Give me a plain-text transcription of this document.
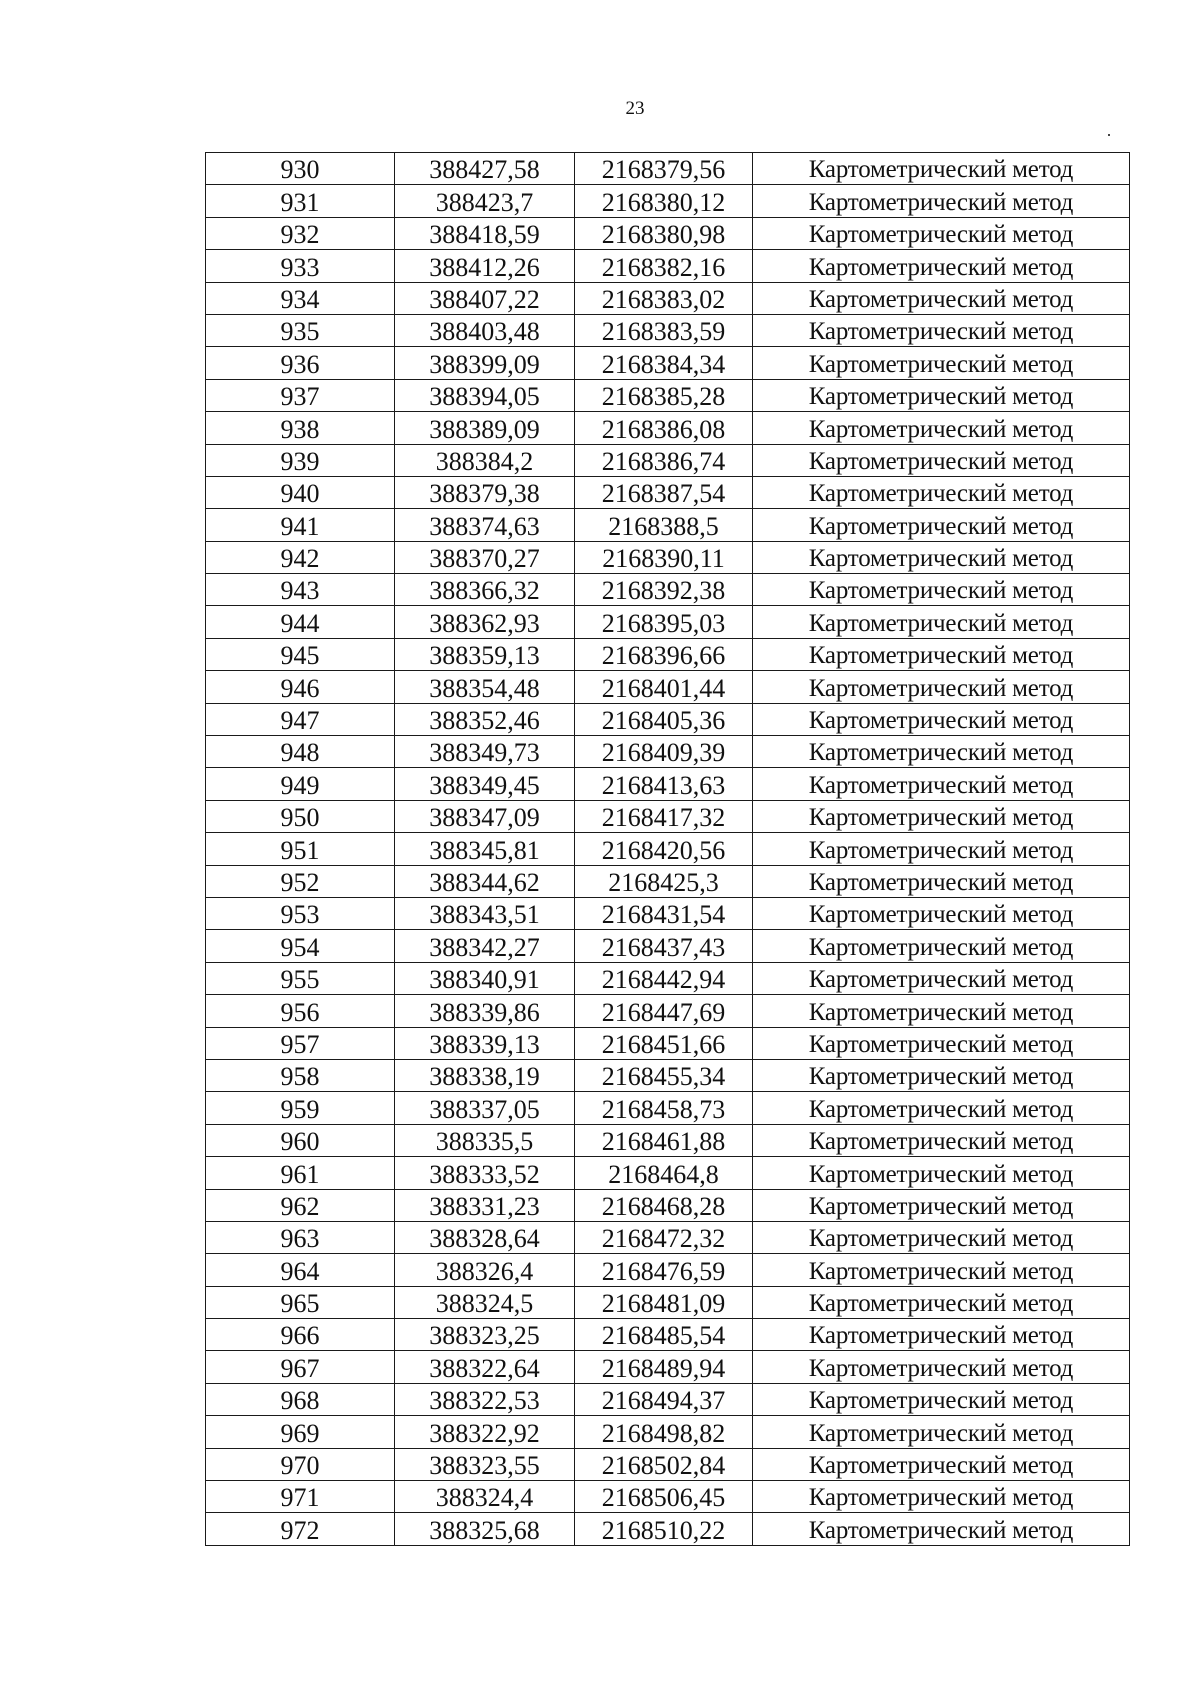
23
930	388427,58	2168379,56	Картометрический метод
931	388423,7	2168380,12	Картометрический метод
932	388418,59	2168380,98	Картометрический метод
933	388412,26	2168382,16	Картометрический метод
934	388407,22	2168383,02	Картометрический метод
935	388403,48	2168383,59	Картометрический метод
936	388399,09	2168384,34	Картометрический метод
937	388394,05	2168385,28	Картометрический метод
938	388389,09	2168386,08	Картометрический метод
939	388384,2	2168386,74	Картометрический метод
940	388379,38	2168387,54	Картометрический метод
941	388374,63	2168388,5	Картометрический метод
942	388370,27	2168390,11	Картометрический метод
943	388366,32	2168392,38	Картометрический метод
944	388362,93	2168395,03	Картометрический метод
945	388359,13	2168396,66	Картометрический метод
946	388354,48	2168401,44	Картометрический метод
947	388352,46	2168405,36	Картометрический метод
948	388349,73	2168409,39	Картометрический метод
949	388349,45	2168413,63	Картометрический метод
950	388347,09	2168417,32	Картометрический метод
951	388345,81	2168420,56	Картометрический метод
952	388344,62	2168425,3	Картометрический метод
953	388343,51	2168431,54	Картометрический метод
954	388342,27	2168437,43	Картометрический метод
955	388340,91	2168442,94	Картометрический метод
956	388339,86	2168447,69	Картометрический метод
957	388339,13	2168451,66	Картометрический метод
958	388338,19	2168455,34	Картометрический метод
959	388337,05	2168458,73	Картометрический метод
960	388335,5	2168461,88	Картометрический метод
961	388333,52	2168464,8	Картометрический метод
962	388331,23	2168468,28	Картометрический метод
963	388328,64	2168472,32	Картометрический метод
964	388326,4	2168476,59	Картометрический метод
965	388324,5	2168481,09	Картометрический метод
966	388323,25	2168485,54	Картометрический метод
967	388322,64	2168489,94	Картометрический метод
968	388322,53	2168494,37	Картометрический метод
969	388322,92	2168498,82	Картометрический метод
970	388323,55	2168502,84	Картометрический метод
971	388324,4	2168506,45	Картометрический метод
972	388325,68	2168510,22	Картометрический метод
